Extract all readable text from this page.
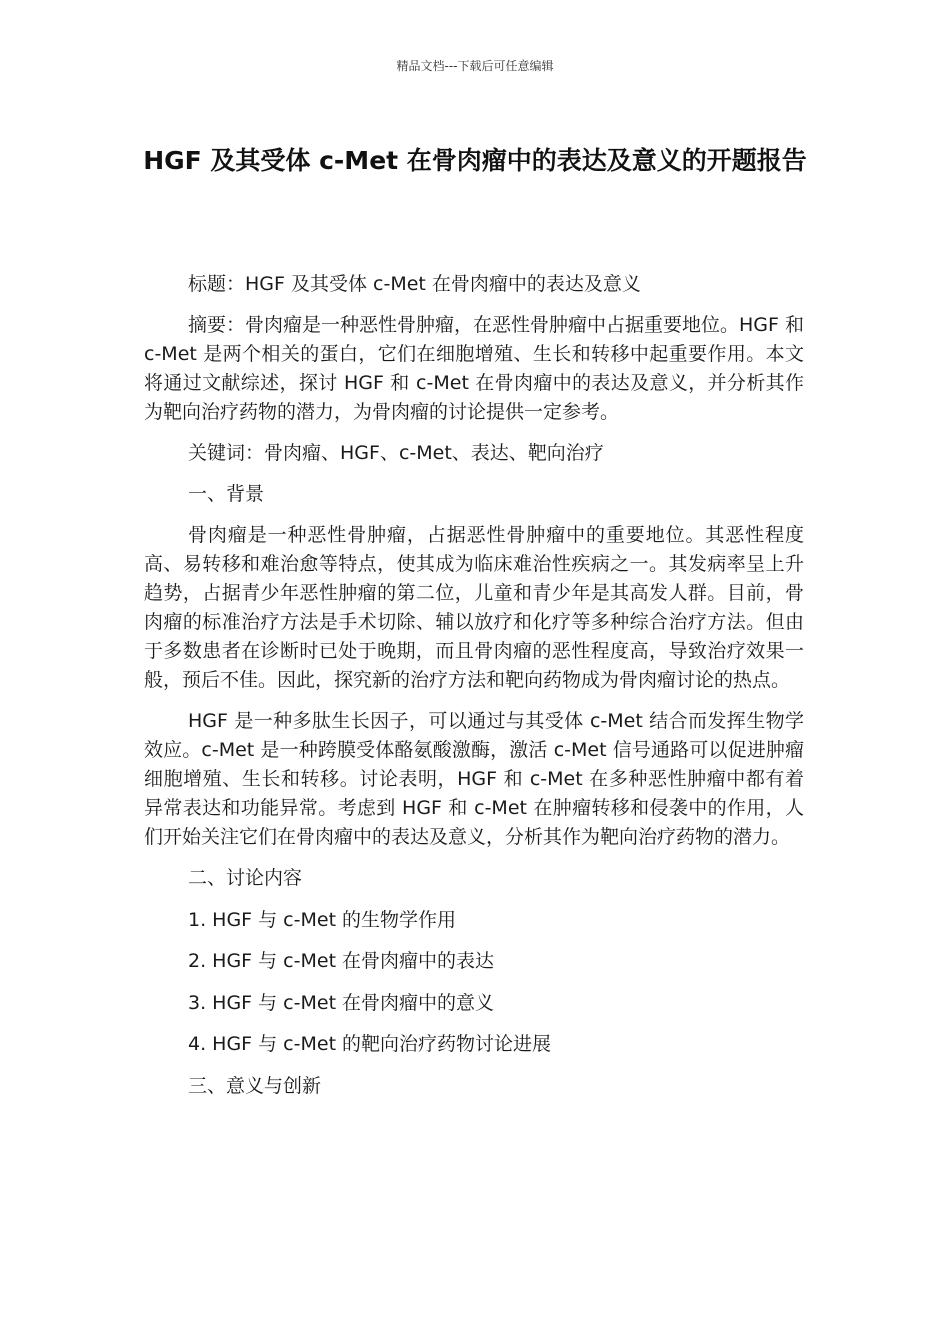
精品文档---下载后可任意编辑
HGF 及其受体 c-Met 在骨肉瘤中的表达及意义的开题报告

标题：HGF 及其受体 c-Met 在骨肉瘤中的表达及意义

摘要：骨肉瘤是一种恶性骨肿瘤，在恶性骨肿瘤中占据重要地位。HGF 和 c-Met 是两个相关的蛋白，它们在细胞增殖、生长和转移中起重要作用。本文将通过文献综述，探讨 HGF 和 c-Met 在骨肉瘤中的表达及意义，并分析其作为靶向治疗药物的潜力，为骨肉瘤的讨论提供一定参考。

关键词：骨肉瘤、HGF、c-Met、表达、靶向治疗

一、背景

骨肉瘤是一种恶性骨肿瘤，占据恶性骨肿瘤中的重要地位。其恶性程度高、易转移和难治愈等特点，使其成为临床难治性疾病之一。其发病率呈上升趋势，占据青少年恶性肿瘤的第二位，儿童和青少年是其高发人群。目前，骨肉瘤的标准治疗方法是手术切除、辅以放疗和化疗等多种综合治疗方法。但由于多数患者在诊断时已处于晚期，而且骨肉瘤的恶性程度高，导致治疗效果一般，预后不佳。因此，探究新的治疗方法和靶向药物成为骨肉瘤讨论的热点。

HGF 是一种多肽生长因子，可以通过与其受体 c-Met 结合而发挥生物学效应。c-Met 是一种跨膜受体酪氨酸激酶，激活 c-Met 信号通路可以促进肿瘤细胞增殖、生长和转移。讨论表明，HGF 和 c-Met 在多种恶性肿瘤中都有着异常表达和功能异常。考虑到 HGF 和 c-Met 在肿瘤转移和侵袭中的作用，人们开始关注它们在骨肉瘤中的表达及意义，分析其作为靶向治疗药物的潜力。

二、讨论内容

1. HGF 与 c-Met 的生物学作用

2. HGF 与 c-Met 在骨肉瘤中的表达

3. HGF 与 c-Met 在骨肉瘤中的意义

4. HGF 与 c-Met 的靶向治疗药物讨论进展

三、意义与创新
